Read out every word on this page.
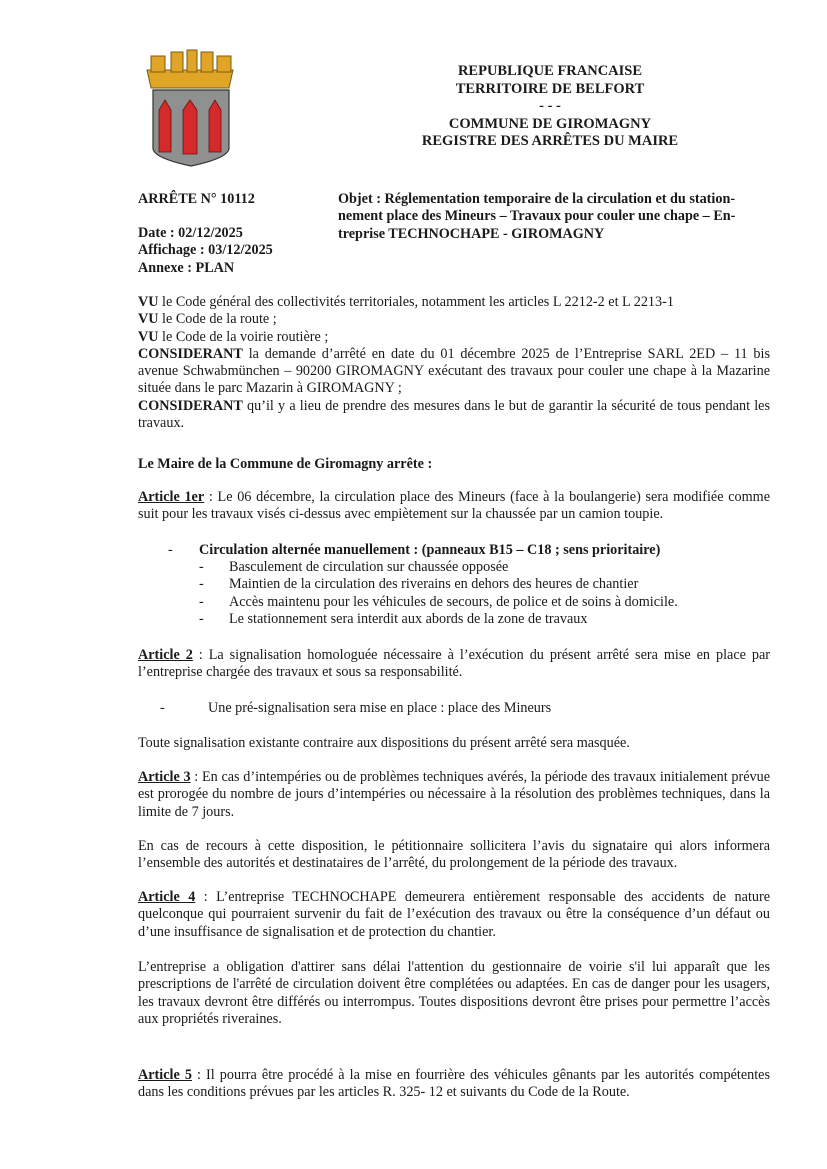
REPUBLIQUE FRANCAISE
TERRITOIRE DE BELFORT
- - -
COMMUNE DE GIROMAGNY
REGISTRE DES ARRÊTES DU MAIRE
ARRÊTE N° 10112
Date : 02/12/2025
Affichage : 03/12/2025
Annexe : PLAN
Objet : Réglementation temporaire de la circulation et du station-
nement place des Mineurs – Travaux pour couler une chape – En-
treprise TECHNOCHAPE - GIROMAGNY
VU le Code général des collectivités territoriales, notamment les articles L 2212-2 et L 2213-1
VU le Code de la route ;
VU le Code de la voirie routière ;
CONSIDERANT la demande d’arrêté en date du 01 décembre 2025 de l’Entreprise SARL 2ED – 11 bis avenue Schwabmünchen – 90200 GIROMAGNY exécutant des travaux pour couler une chape à la Mazarine située dans le parc Mazarin à GIROMAGNY ;
CONSIDERANT qu’il y a lieu de prendre des mesures dans le but de garantir la sécurité de tous pendant les travaux.
Le Maire de la Commune de Giromagny arrête :
Article 1er : Le 06 décembre, la circulation place des Mineurs (face à la boulangerie) sera modifiée comme suit pour les travaux visés ci-dessus avec empiètement sur la chaussée par un camion toupie.
- Circulation alternée manuellement : (panneaux B15 – C18 ; sens prioritaire)
- Basculement de circulation sur chaussée opposée
- Maintien de la circulation des riverains en dehors des heures de chantier
- Accès maintenu pour les véhicules de secours, de police et de soins à domicile.
- Le stationnement sera interdit aux abords de la zone de travaux
Article 2 : La signalisation homologuée nécessaire à l’exécution du présent arrêté sera mise en place par l’entreprise chargée des travaux et sous sa responsabilité.
-	Une pré-signalisation sera mise en place : place des Mineurs
Toute signalisation existante contraire aux dispositions du présent arrêté sera masquée.
Article 3 : En cas d’intempéries ou de problèmes techniques avérés, la période des travaux initialement prévue est prorogée du nombre de jours d’intempéries ou nécessaire à la résolution des problèmes techniques, dans la limite de 7 jours.
En cas de recours à cette disposition, le pétitionnaire sollicitera l’avis du signataire qui alors informera l’ensemble des autorités et destinataires de l’arrêté, du prolongement de la période des travaux.
Article 4 : L’entreprise TECHNOCHAPE demeurera entièrement responsable des accidents de nature quelconque qui pourraient survenir du fait de l’exécution des travaux ou être la conséquence d’un défaut ou d’une insuffisance de signalisation et de protection du chantier.
L’entreprise a obligation d'attirer sans délai l'attention du gestionnaire de voirie s'il lui apparaît que les prescriptions de l'arrêté de circulation doivent être complétées ou adaptées. En cas de danger pour les usagers, les travaux devront être différés ou interrompus. Toutes dispositions devront être prises pour permettre l’accès aux propriétés riveraines.
Article 5 : Il pourra être procédé à la mise en fourrière des véhicules gênants par les autorités compétentes dans les conditions prévues par les articles R. 325- 12 et suivants du Code de la Route.
